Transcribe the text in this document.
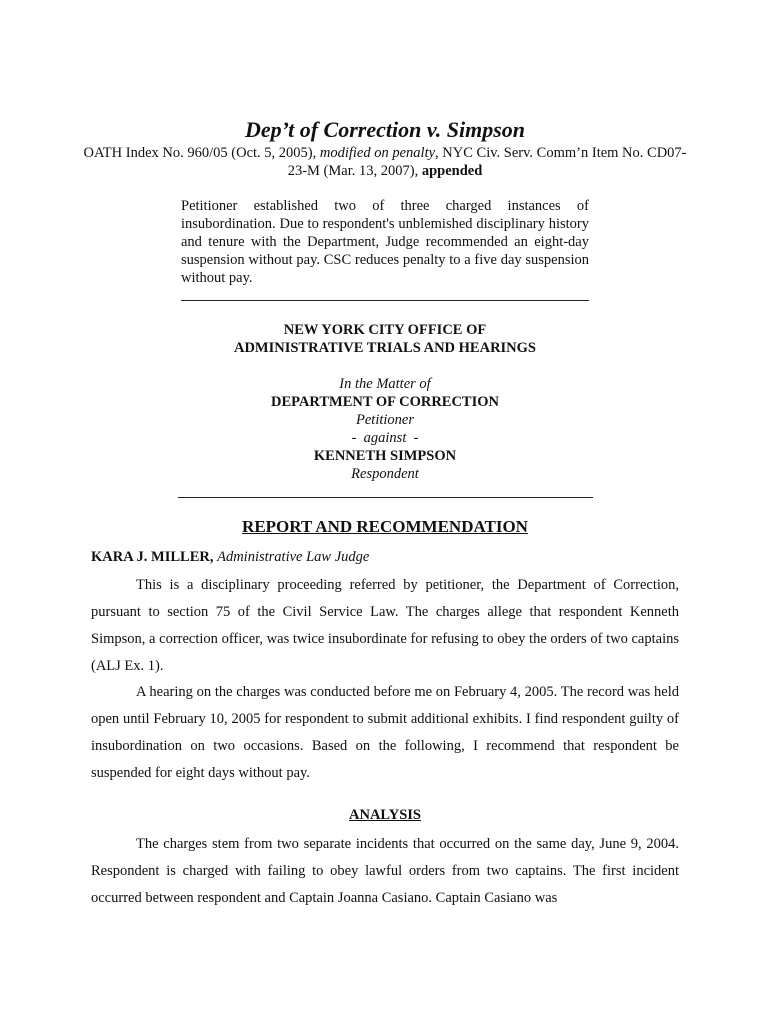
Dep’t of Correction v. Simpson
OATH Index No. 960/05 (Oct. 5, 2005), modified on penalty, NYC Civ. Serv. Comm’n Item No. CD07-23-M (Mar. 13, 2007), appended
Petitioner established two of three charged instances of insubordination. Due to respondent's unblemished disciplinary history and tenure with the Department, Judge recommended an eight-day suspension without pay. CSC reduces penalty to a five day suspension without pay.
NEW YORK CITY OFFICE OF
ADMINISTRATIVE TRIALS AND HEARINGS
In the Matter of
DEPARTMENT OF CORRECTION
Petitioner
-  against  -
KENNETH SIMPSON
Respondent
REPORT AND RECOMMENDATION
KARA J. MILLER, Administrative Law Judge

This is a disciplinary proceeding referred by petitioner, the Department of Correction, pursuant to section 75 of the Civil Service Law. The charges allege that respondent Kenneth Simpson, a correction officer, was twice insubordinate for refusing to obey the orders of two captains (ALJ Ex. 1).

A hearing on the charges was conducted before me on February 4, 2005. The record was held open until February 10, 2005 for respondent to submit additional exhibits. I find respondent guilty of insubordination on two occasions. Based on the following, I recommend that respondent be suspended for eight days without pay.

ANALYSIS

The charges stem from two separate incidents that occurred on the same day, June 9, 2004. Respondent is charged with failing to obey lawful orders from two captains. The first incident occurred between respondent and Captain Joanna Casiano. Captain Casiano was
